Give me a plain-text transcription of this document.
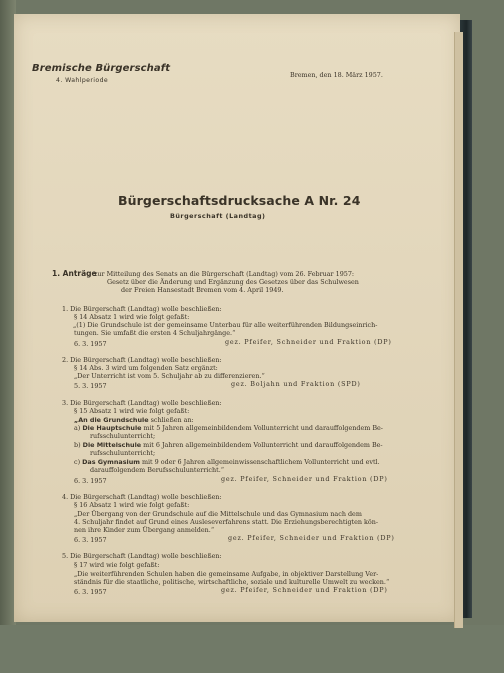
Bremische Bürgerschaft
4. Wahlperiode
Bremen, den 18. März 1957.
Bürgerschaftsdrucksache A Nr. 24
Bürgerschaft (Landtag)
1. Anträge
zur Mitteilung des Senats an die Bürgerschaft (Landtag) vom 26. Februar 1957:
Gesetz über die Änderung und Ergänzung des Gesetzes über das Schulwesen
der Freien Hansestadt Bremen vom 4. April 1949.
1. Die Bürgerschaft (Landtag) wolle beschließen:
§ 14 Absatz 1 wird wie folgt gefaßt:
„(1) Die Grundschule ist der gemeinsame Unterbau für alle weiterführenden Bildungseinrich-
tungen. Sie umfaßt die ersten 4 Schuljahrgänge.“
6. 3. 1957	gez. Pfeifer, Schneider und Fraktion (DP)
2. Die Bürgerschaft (Landtag) wolle beschließen:
§ 14 Abs. 3 wird um folgenden Satz ergänzt:
„Der Unterricht ist vom 5. Schuljahr ab zu differenzieren.“
5. 3. 1957	gez. Boljahn und Fraktion (SPD)
3. Die Bürgerschaft (Landtag) wolle beschließen:
§ 15 Absatz 1 wird wie folgt gefaßt:
„An die Grundschule schließen an:
a) Die Hauptschule mit 5 Jahren allgemeinbildendem Vollunterricht und darauffolgendem Be-
rufsschulunterricht;
b) Die Mittelschule mit 6 Jahren allgemeinbildendem Vollunterricht und darauffolgendem Be-
rufsschulunterricht;
c) Das Gymnasium mit 9 oder 6 Jahren allgemeinwissenschaftlichem Vollunterricht und evtl.
darauffolgendem Berufsschulunterricht.“
6. 3. 1957	gez. Pfeifer, Schneider und Fraktion (DP)
4. Die Bürgerschaft (Landtag) wolle beschließen:
§ 16 Absatz 1 wird wie folgt gefaßt:
„Der Übergang von der Grundschule auf die Mittelschule und das Gymnasium nach dem
4. Schuljahr findet auf Grund eines Ausleseverfahrens statt. Die Erziehungsberechtigten kön-
nen ihre Kinder zum Übergang anmelden.“
6. 3. 1957	gez. Pfeifer, Schneider und Fraktion (DP)
5. Die Bürgerschaft (Landtag) wolle beschließen:
§ 17 wird wie folgt gefaßt:
„Die weiterführenden Schulen haben die gemeinsame Aufgabe, in objektiver Darstellung Ver-
ständnis für die staatliche, politische, wirtschaftliche, soziale und kulturelle Umwelt zu wecken.“
6. 3. 1957	gez. Pfeifer, Schneider und Fraktion (DP)
